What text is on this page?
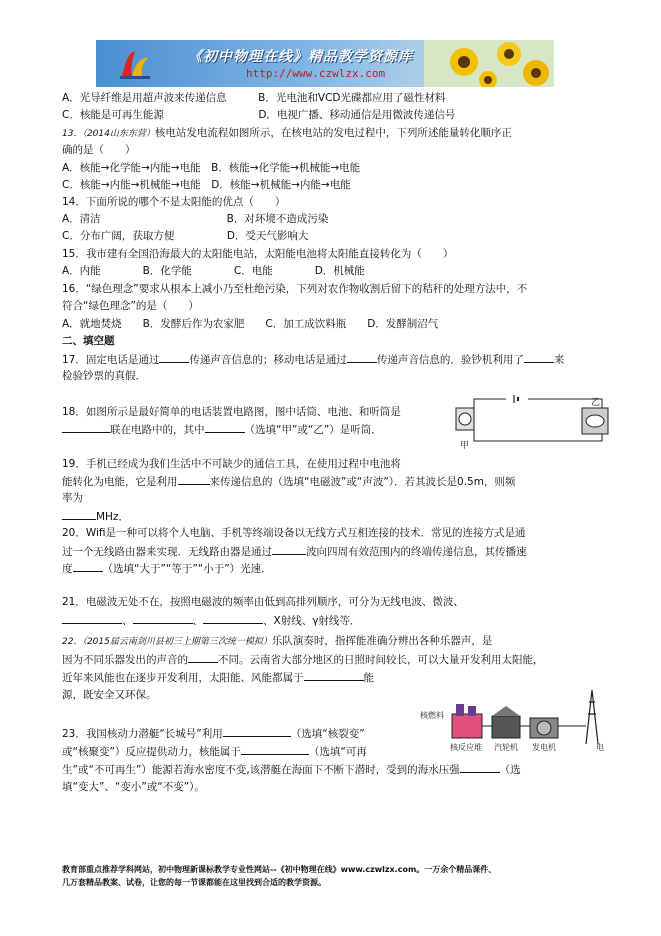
《初中物理在线》精品教学资源库
http://www.czwlzx.com
A．光导纤维是用超声波来传递信息　　　B．光电池和VCD光碟都应用了磁性材料
C．核能是可再生能源　　　　　　　　　D．电视广播、移动通信是用微波传递信号
13．（2014山东东营）核电站发电流程如图所示，在核电站的发电过程中，下列所述能量转化顺序正
确的是（　　）
A．核能→化学能→内能→电能　B．核能→化学能→机械能→电能
C．核能→内能→机械能→电能　D．核能→机械能→内能→电能
14．下面所说的哪个不是太阳能的优点（　　）
A．清洁　　　　　　　　　　　　B．对环境不造成污染
C．分布广阔，获取方便　　　　　D．受天气影响大
15．我市建有全国沿海最大的太阳能电站，太阳能电池将太阳能直接转化为（　　）
A．内能　　　　B．化学能　　　　C．电能　　　　D．机械能
16．“绿色理念”要求从根本上减小乃至杜绝污染，下列对农作物收割后留下的秸秆的处理方法中，不
符合“绿色理念”的是（　　）
A．就地焚烧　　B．发酵后作为农家肥　　C．加工成饮料瓶　　D．发酵制沼气
二、填空题
17．固定电话是通过	传递声音信息的；移动电话是通过	传递声音信息的．验钞机利用了	来
检验钞票的真假．
18．如图所示是最好简单的电话装置电路图，图中话筒、电池、和听筒是
联在电路中的，其中	（选填“甲”或“乙”）是听筒．
甲
乙
19．手机已经成为我们生活中不可缺少的通信工具，在使用过程中电池将
能转化为电能，它是利用	来传递信息的（选填“电磁波”或“声波”）．若其波长是0.5m，则频
率为
MHz．
20．Wifi是一种可以将个人电脑、手机等终端设备以无线方式互相连接的技术．常见的连接方式是通
过一个无线路由器来实现．无线路由器是通过	波向四周有效范围内的终端传递信息，其传播速
度	（选填“大于”“等于”“小于”）光速．
21．电磁波无处不在，按照电磁波的频率由低到高排列顺序，可分为无线电波、微波、
、	、	、X射线、γ射线等．
22．（2015届云南剑川县初三上期第三次统一模拟）乐队演奏时，指挥能准确分辨出各种乐器声，是
因为不同乐器发出的声音的	不同。云南省大部分地区的日照时间较长，可以大量开发利用太阳能，
近年来风能也在逐步开发利用，太阳能、风能都属于	能
源，既安全又环保。
核燃料
核反应堆 汽轮机 发电机	电
23．我国核动力潜艇“长城号”利用	（选填“核裂变”
或“核聚变”）反应提供动力，核能属于	（选填“可再
生”或“不可再生”）能源若海水密度不变,该潜艇在海面下不断下潜时，受到的海水压强	（选
填“变大”、“变小”或“不变”）。
教育部重点推荐学科网站，初中物理新课标教学专业性网站--《初中物理在线》www.czwlzx.com。一万余个精品课件、
几万套精品教案、试卷，让您的每一节课都能在这里找到合适的教学资源。
